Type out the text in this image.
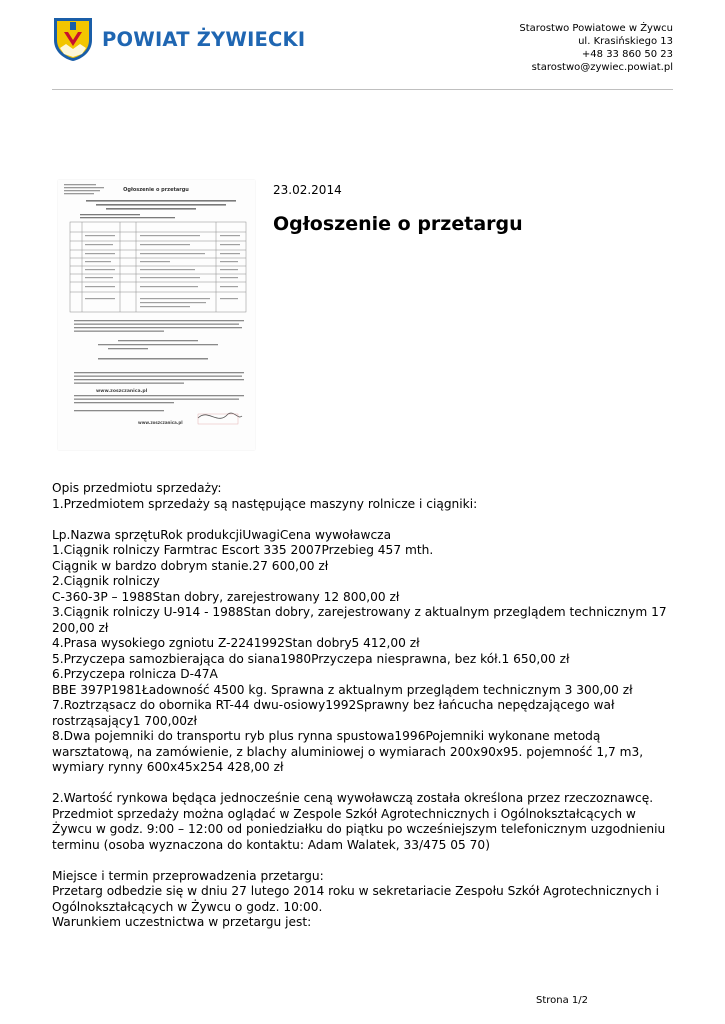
POWIAT ŻYWIECKI	Starostwo Powiatowe w Żywcu
ul. Krasińskiego 13
+48 33 860 50 23
starostwo@zywiec.powiat.pl
Ogłoszenie o przetargu
www.zoszczanica.pl
www.zoszczanica.pl
23.02.2014
Ogłoszenie o przetargu

Opis przedmiotu sprzedaży:

1.Przedmiotem sprzedaży są następujące maszyny rolnicze i ciągniki:

Lp.Nazwa sprzętuRok produkcjiUwagiCena wywoławcza

1.Ciągnik rolniczy Farmtrac Escort 335 2007Przebieg 457 mth.

Ciągnik w bardzo dobrym stanie.27 600,00 zł

2.Ciągnik rolniczy

C-360-3P – 1988Stan dobry, zarejestrowany 12 800,00 zł

3.Ciągnik rolniczy U-914 - 1988Stan dobry, zarejestrowany z aktualnym przeglądem technicznym 17

200,00 zł

4.Prasa wysokiego zgniotu Z-2241992Stan dobry5 412,00 zł

5.Przyczepa samozbierająca do siana1980Przyczepa niesprawna, bez kół.1 650,00 zł

6.Przyczepa rolnicza D-47A

BBE 397P1981Ładowność 4500 kg. Sprawna z aktualnym przeglądem technicznym 3 300,00 zł

7.Roztrząsacz do obornika RT-44 dwu-osiowy1992Sprawny bez łańcucha nepędzającego wał

rostrząsający1 700,00zł

8.Dwa pojemniki do transportu ryb plus rynna spustowa1996Pojemniki wykonane metodą

warsztatową, na zamówienie, z blachy aluminiowej o wymiarach 200x90x95. pojemność 1,7 m3,

wymiary rynny 600x45x254 428,00 zł

2.Wartość rynkowa będąca jednocześnie ceną wywoławczą została określona przez rzeczoznawcę.

Przedmiot sprzedaży można oglądać w Zespole Szkół Agrotechnicznych i Ogólnokształcących w

Żywcu w godz. 9:00 – 12:00 od poniedziałku do piątku po wcześniejszym telefonicznym uzgodnieniu

terminu (osoba wyznaczona do kontaktu: Adam Walatek, 33/475 05 70)

Miejsce i termin przeprowadzenia przetargu:

Przetarg odbedzie się w dniu 27 lutego 2014 roku w sekretariacie Zespołu Szkół Agrotechnicznych i

Ogólnokształcących w Żywcu o godz. 10:00.

Warunkiem uczestnictwa w przetargu jest:

Strona 1/2
